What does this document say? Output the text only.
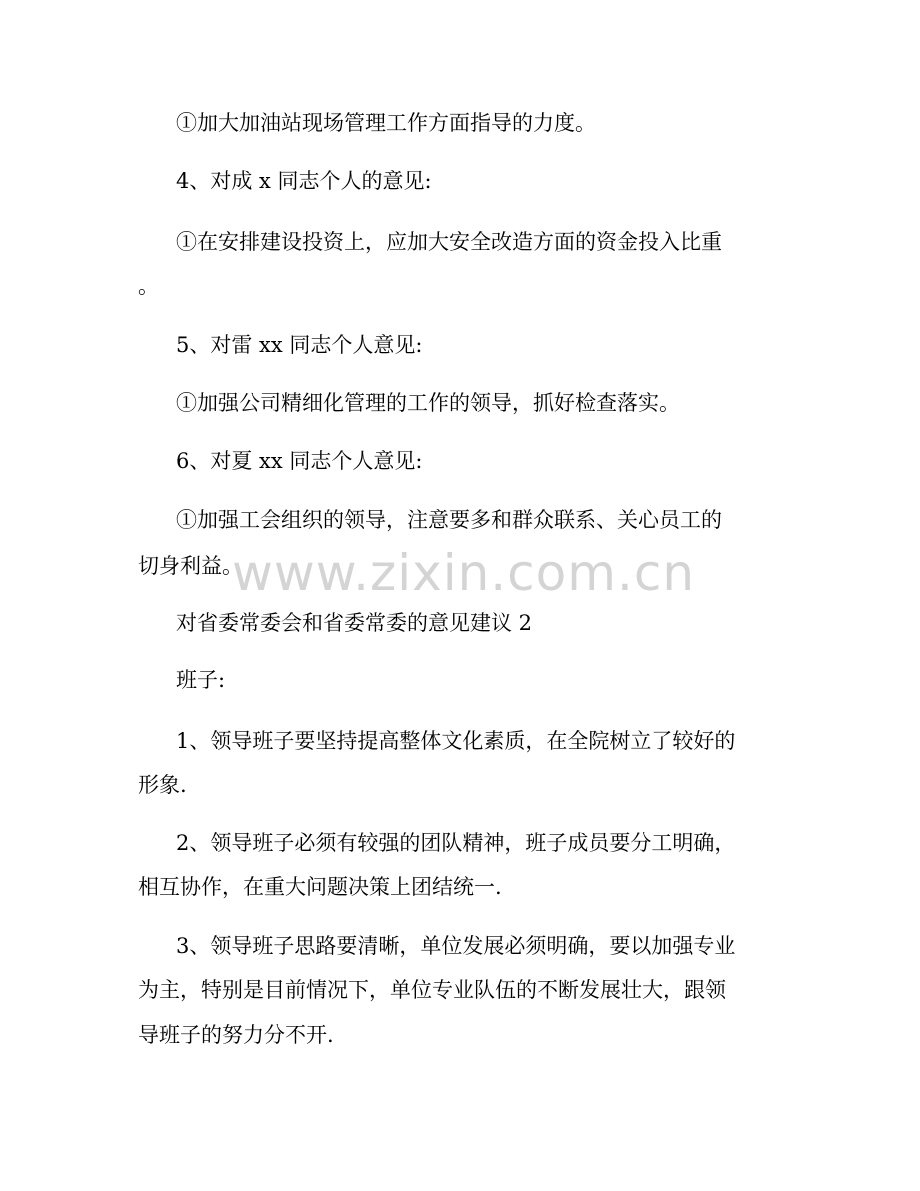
①加大加油站现场管理工作方面指导的力度。

4、对成 x 同志个人的意见:

①在安排建设投资上，应加大安全改造方面的资金投入比重

。

5、对雷 xx 同志个人意见:

①加强公司精细化管理的工作的领导，抓好检查落实。

6、对夏 xx 同志个人意见:

①加强工会组织的领导，注意要多和群众联系、关心员工的

切身利益。

对省委常委会和省委常委的意见建议 2

班子:

1、领导班子要坚持提高整体文化素质，在全院树立了较好的

形象.

2、领导班子必须有较强的团队精神，班子成员要分工明确，

相互协作，在重大问题决策上团结统一.

3、领导班子思路要清晰，单位发展必须明确，要以加强专业

为主，特别是目前情况下，单位专业队伍的不断发展壮大，跟领

导班子的努力分不开.

www.zixin.com.cn
